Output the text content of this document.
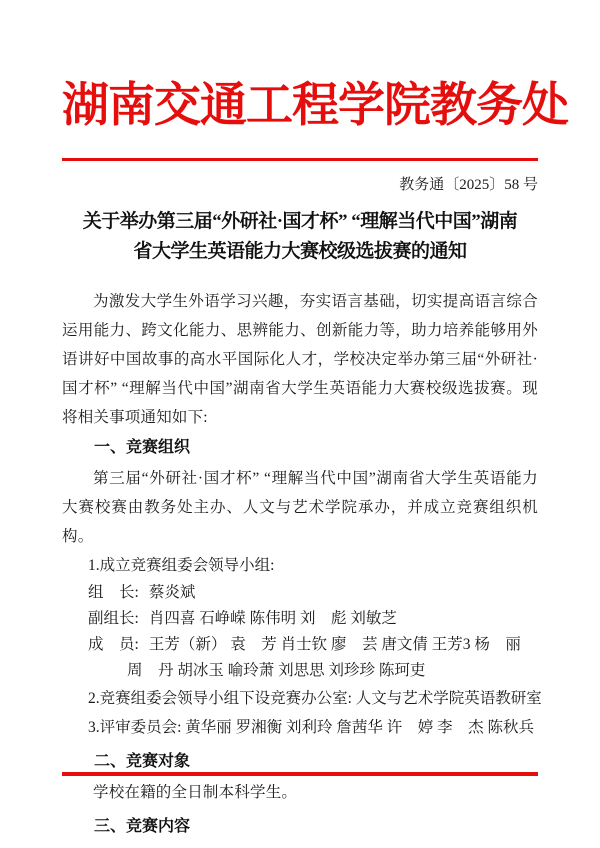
湖南交通工程学院教务处
教务通〔2025〕58 号
关于举办第三届“外研社·国才杯” “理解当代中国”湖南
省大学生英语能力大赛校级选拔赛的通知

为激发大学生外语学习兴趣，夯实语言基础，切实提高语言综合运用能力、跨文化能力、思辨能力、创新能力等，助力培养能够用外语讲好中国故事的高水平国际化人才，学校决定举办第三届“外研社·国才杯” “理解当代中国”湖南省大学生英语能力大赛校级选拔赛。现将相关事项通知如下:

一、竞赛组织

第三届“外研社·国才杯” “理解当代中国”湖南省大学生英语能力大赛校赛由教务处主办、人文与艺术学院承办，并成立竞赛组织机构。

1.成立竞赛组委会领导小组:
组　长: 蔡炎斌
副组长: 肖四喜 石峥嵘 陈伟明 刘　彪 刘敏芝
成　员: 王芳（新） 袁　芳 肖士钦 廖　芸 唐文倩 王芳3 杨　丽
周　丹 胡冰玉 喻玲萧 刘思思 刘珍珍 陈珂吏
2.竞赛组委会领导小组下设竞赛办公室: 人文与艺术学院英语教研室
3.评审委员会: 黄华丽 罗湘衡 刘利玲 詹茜华 许　婷 李　杰 陈秋兵
二、竞赛对象

学校在籍的全日制本科学生。

三、竞赛内容
